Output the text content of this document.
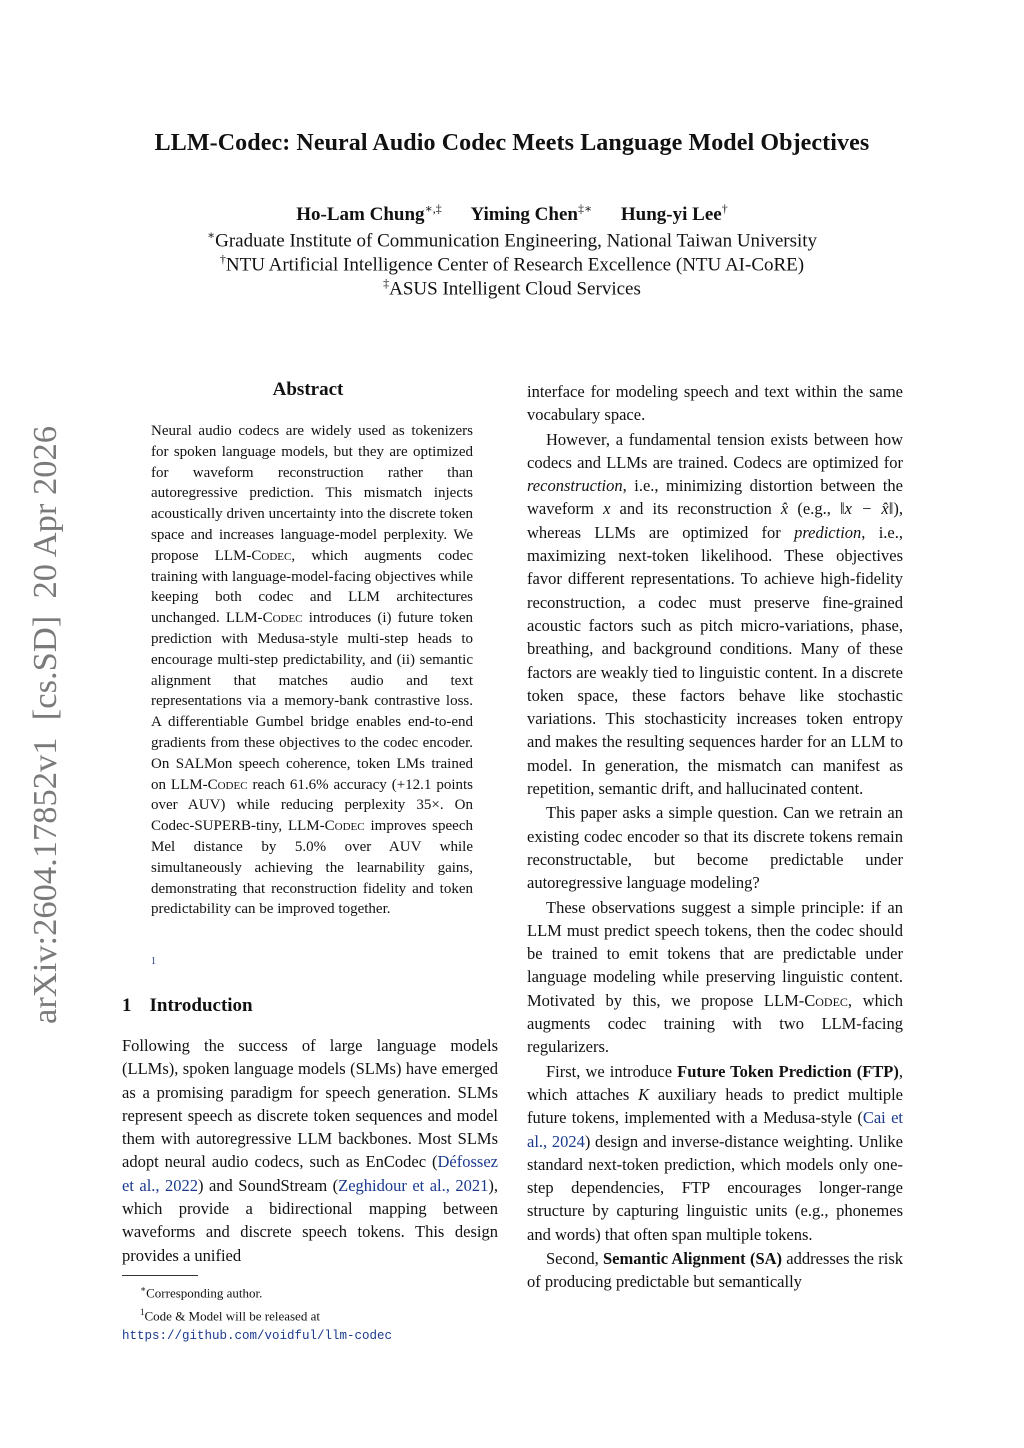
arXiv:2604.17852v1  [cs.SD]  20 Apr 2026
LLM-Codec: Neural Audio Codec Meets Language Model Objectives
Ho-Lam Chung∗,‡ Yiming Chen‡∗ Hung-yi Lee†
∗Graduate Institute of Communication Engineering, National Taiwan University
†NTU Artificial Intelligence Center of Research Excellence (NTU AI-CoRE)
‡ASUS Intelligent Cloud Services
Abstract
Neural audio codecs are widely used as tokenizers for spoken language models, but they are optimized for waveform reconstruction rather than autoregressive prediction. This mismatch injects acoustically driven uncertainty into the discrete token space and increases language-model perplexity. We propose LLM-Codec, which augments codec training with language-model-facing objectives while keeping both codec and LLM architectures unchanged. LLM-Codec introduces (i) future token prediction with Medusa-style multi-step heads to encourage multi-step predictability, and (ii) semantic alignment that matches audio and text representations via a memory-bank contrastive loss. A differentiable Gumbel bridge enables end-to-end gradients from these objectives to the codec encoder. On SALMon speech coherence, token LMs trained on LLM-Codec reach 61.6% accuracy (+12.1 points over AUV) while reducing perplexity 35×. On Codec-SUPERB-tiny, LLM-Codec improves speech Mel distance by 5.0% over AUV while simultaneously achieving the learnability gains, demonstrating that reconstruction fidelity and token predictability can be improved together.
1
1 Introduction

Following the success of large language models (LLMs), spoken language models (SLMs) have emerged as a promising paradigm for speech generation. SLMs represent speech as discrete token sequences and model them with autoregressive LLM backbones. Most SLMs adopt neural audio codecs, such as EnCodec (Défossez et al., 2022) and SoundStream (Zeghidour et al., 2021), which provide a bidirectional mapping between waveforms and discrete speech tokens. This design provides a unified

∗Corresponding author.

$^1$Code & Model will be released at https://github.com/voidful/llm-codec

interface for modeling speech and text within the same vocabulary space.

However, a fundamental tension exists between how codecs and LLMs are trained. Codecs are optimized for reconstruction, i.e., minimizing distortion between the waveform x and its reconstruction x̂ (e.g., ‖x − x̂‖), whereas LLMs are optimized for prediction, i.e., maximizing next-token likelihood. These objectives favor different representations. To achieve high-fidelity reconstruction, a codec must preserve fine-grained acoustic factors such as pitch micro-variations, phase, breathing, and background conditions. Many of these factors are weakly tied to linguistic content. In a discrete token space, these factors behave like stochastic variations. This stochasticity increases token entropy and makes the resulting sequences harder for an LLM to model. In generation, the mismatch can manifest as repetition, semantic drift, and hallucinated content.

This paper asks a simple question. Can we retrain an existing codec encoder so that its discrete tokens remain reconstructable, but become predictable under autoregressive language modeling?

These observations suggest a simple principle: if an LLM must predict speech tokens, then the codec should be trained to emit tokens that are predictable under language modeling while preserving linguistic content. Motivated by this, we propose LLM-Codec, which augments codec training with two LLM-facing regularizers.

First, we introduce Future Token Prediction (FTP), which attaches K auxiliary heads to predict multiple future tokens, implemented with a Medusa-style (Cai et al., 2024) design and inverse-distance weighting. Unlike standard next-token prediction, which models only one-step dependencies, FTP encourages longer-range structure by capturing linguistic units (e.g., phonemes and words) that often span multiple tokens.

Second, Semantic Alignment (SA) addresses the risk of producing predictable but semantically
